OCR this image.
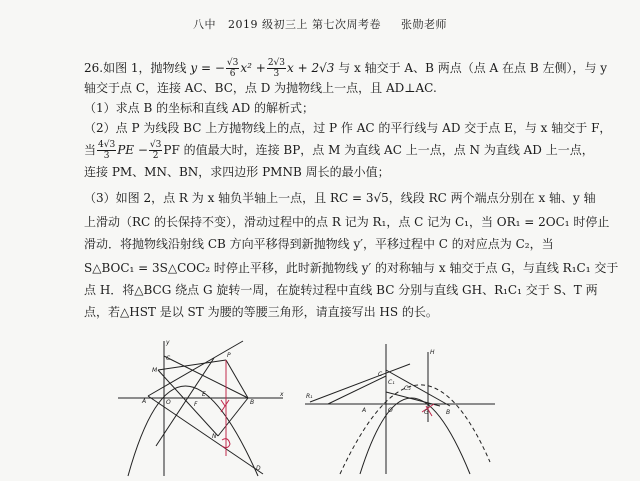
八中 2019 级初三上 第七次周考卷 张勋老师
26.如图 1，抛物线 y = − $\frac{√3}{6} x^2 + \frac{2√3}{3}$ x + 2√3 与 x 轴交于 A、B 两点（点 A 在点 B 左侧），与 y
轴交于点 C，连接 AC、BC，点 D 为抛物线上一点，且 AD⊥AC.
（1）求点 B 的坐标和直线 AD 的解析式；
（2）点 P 为线段 BC 上方抛物线上的点，过 P 作 AC 的平行线与 AD 交于点 E，与 x 轴交于 F，
当 $\frac{4√3}{3}$ PE − $\frac{√3}{2}$ PF 的值最大时，连接 BP，点 M 为直线 AC 上一点，点 N 为直线 AD 上一点，
连接 PM、MN、BN，求四边形 PMNB 周长的最小值；
（3）如图 2，点 R 为 x 轴负半轴上一点，且 RC = 3√5，线段 RC 两个端点分别在 x 轴、y 轴
上滑动（RC 的长保持不变），滑动过程中的点 R 记为 R₁，点 C 记为 C₁，当 OR₁ = 2OC₁ 时停止
滑动．将抛物线沿射线 CB 方向平移得到新抛物线 y′，平移过程中 C 的对应点为 C₂，当
S△BOC₁ = 3S△COC₂ 时停止平移，此时新抛物线 y′ 的对称轴与 x 轴交于点 G，与直线 R₁C₁ 交于
点 H．将△BCG 绕点 G 旋转一周，在旋转过程中直线 BC 分别与直线 GH、R₁C₁ 交于 S、T 两
点，若△HST 是以 ST 为腰的等腰三角形，请直接写出 HS 的长。
A	O	B
C
D
P
M
E
F
N
x
y
R₁
C
C₁
C₂
O
H
G	B
A
